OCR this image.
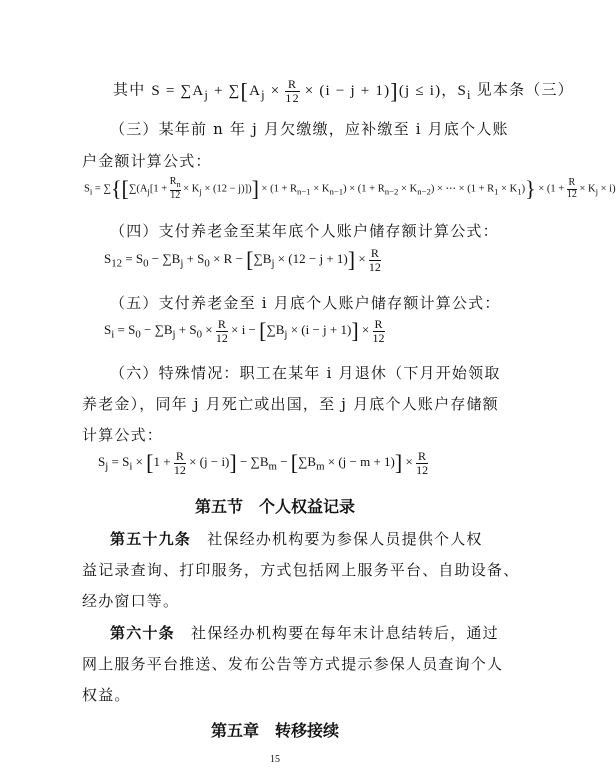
其中 $S = \sum A_j + \sum[A_j \times \frac{R}{12} \times (i - j + 1)](j \le i)$，$S_i$ 见本条（三）
（三）某年前 n 年 j 月欠缴缴，应补缴至 i 月底个人账
户金额计算公式：
$S_i = \sum\{[\sum(A_j[1 + \frac{R_n}{12} \times K_j \times (12 - j)])] \times (1 + R_{n-1} \times K_{n-1}) \times (1 + R_{n-2} \times K_{n-2})$ × ⋯ × $(1 + R_1 \times K_1)\} \times (1 + \frac{R}{12} \times K_j \times i)$
（四）支付养老金至某年底个人账户储存额计算公式：
$S_{12} = S_0 - \sum B_j + S_0 \times R - [\sum B_j \times (12 - j + 1)] \times \frac{R}{12}$
（五）支付养老金至 i 月底个人账户储存额计算公式：
$S_i = S_0 - \sum B_j + S_0 \times \frac{R}{12} \times i - [\sum B_j \times (i - j + 1)] \times \frac{R}{12}$
（六）特殊情况：职工在某年 i 月退休（下月开始领取
养老金），同年 j 月死亡或出国，至 j 月底个人账户存储额
计算公式：
$S_j = S_i \times [1 + \frac{R}{12} \times (j - i)] - \sum B_m - [\sum B_m \times (j - m + 1)] \times \frac{R}{12}$
第五节　个人权益记录
第五十九条　社保经办机构要为参保人员提供个人权
益记录查询、打印服务，方式包括网上服务平台、自助设备、
经办窗口等。
第六十条　社保经办机构要在每年末计息结转后，通过
网上服务平台推送、发布公告等方式提示参保人员查询个人
权益。
第五章　转移接续
15
